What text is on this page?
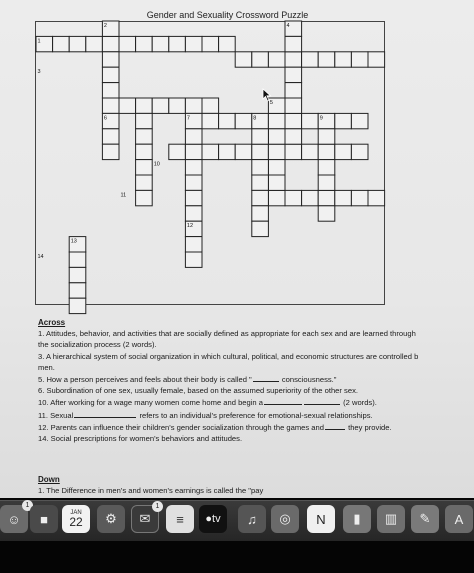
Gender and Sexuality Crossword Puzzle
2
1
4
3
5
6	7	8	9
10
11
13
12
14
Across
1. Attitudes, behavior, and activities that are socially defined as appropriate for each sex and are learned through
the socialization process (2 words).
3. A hierarchical system of social organization in which cultural, political, and economic structures are controlled b
men.
5. How a person perceives and feels about their body is called "	consciousness."
6. Subordination of one sex, usually female, based on the assumed superiority of the other sex.
10. After working for a wage many women come home and begin a	(2 words).
11. Sexual	refers to an individual's preference for emotional-sexual relationships.
12. Parents can influence their children's gender socialization through the games and	they provide.
14. Social prescriptions for women's behaviors and attitudes.
Down
1. The Difference in men's and women's earnings is called the "pay
☺
1
■	JAN
22 ⚙ ✉
1
≡ ● tv ♫ ◎ N ▮ ▥ ✎ A
